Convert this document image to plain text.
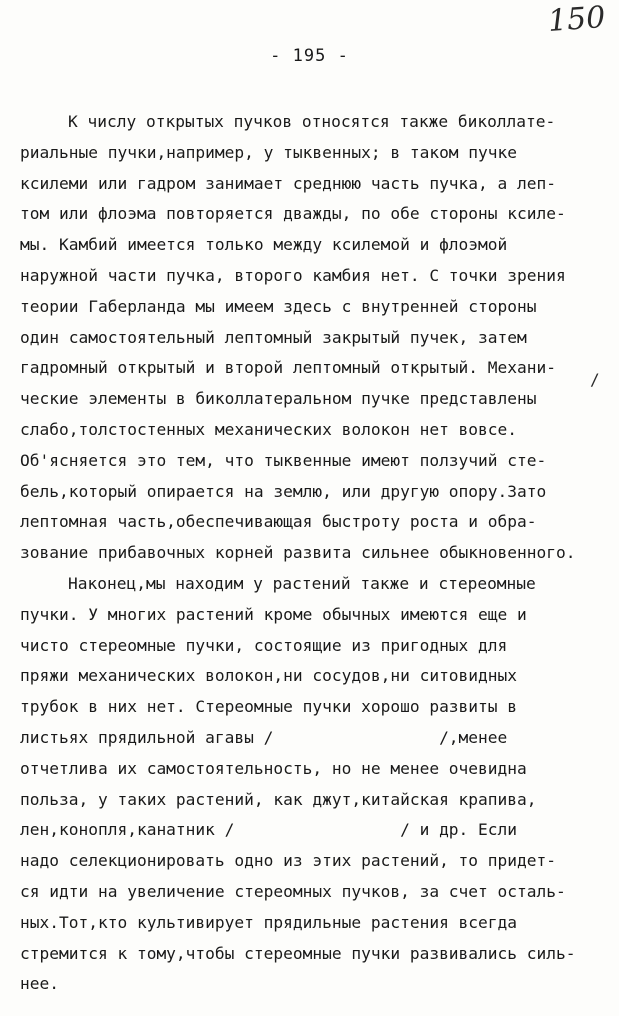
150
- 195 -
К числу открытых пучков относятся также биколлате-
риальные пучки,например, у тыквенных; в таком пучке
ксилеми или гадром занимает среднюю часть пучка, а леп-
том или флоэма повторяется дважды, по обе стороны ксиле-
мы. Камбий имеется только между ксилемой и флоэмой
наружной части пучка, второго камбия нет. С точки зрения
теории Габерланда мы имеем здесь с внутренней стороны
один самостоятельный лептомный закрытый пучек, затем
гадромный открытый и второй лептомный открытый. Механи-
ческие элементы в биколлатеральном пучке представлены
слабо,толстостенных механических волокон нет вовсе.
Об'ясняется это тем, что тыквенные имеют ползучий сте-
бель,который опирается на землю, или другую опору.Зато
лептомная часть,обеспечивающая быстроту роста и обра-
зование прибавочных корней развита сильнее обыкновенного.
Наконец,мы находим у растений также и стереомные
пучки. У многих растений кроме обычных имеются еще и
чисто стереомные пучки, состоящие из пригодных для
пряжи механических волокон,ни сосудов,ни ситовидных
трубок в них нет. Стереомные пучки хорошо развиты в
листьях прядильной агавы /                 /,менее
отчетлива их самостоятельность, но не менее очевидна
польза, у таких растений, как джут,китайская крапива,
лен,конопля,канатник /                 / и др. Если
надо селекционировать одно из этих растений, то придет-
ся идти на увеличение стереомных пучков, за счет осталь-
ных.Тот,кто культивирует прядильные растения всегда
стремится к тому,чтобы стереомные пучки развивались силь-
нее.
/
